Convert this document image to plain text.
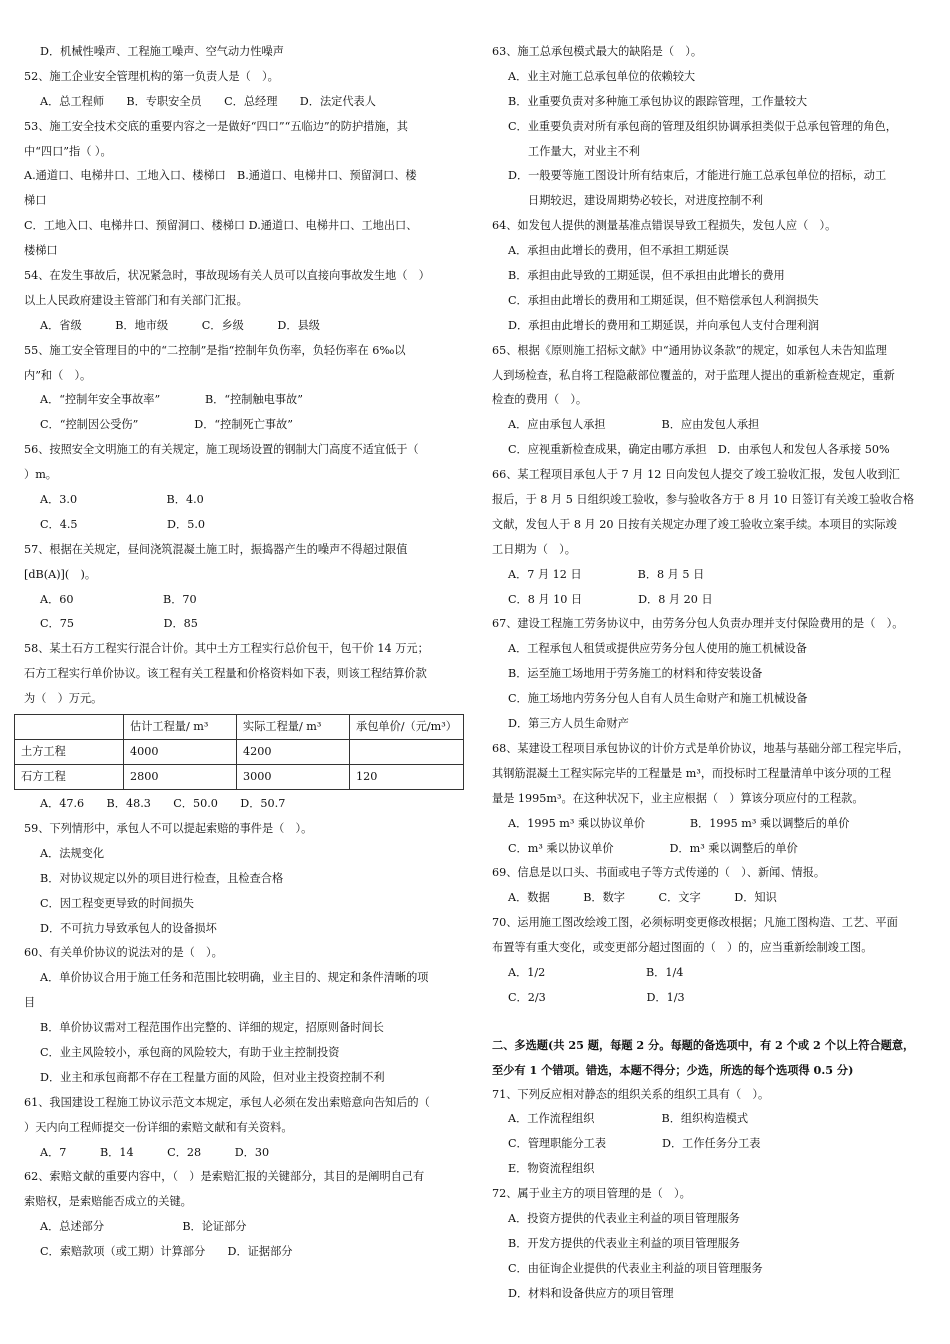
D．机械性噪声、工程施工噪声、空气动力性噪声
52、施工企业安全管理机构的第一负责人是（　）。
A．总工程师　　B．专职安全员　　C．总经理　　D．法定代表人
53、施工安全技术交底的重要内容之一是做好“四口”“五临边”的防护措施，其
中“四口”指（ ）。
A.通道口、电梯井口、工地入口、楼梯口　B.通道口、电梯井口、预留洞口、楼
梯口
C．工地入口、电梯井口、预留洞口、楼梯口 D.通道口、电梯井口、工地出口、
楼梯口
54、在发生事故后，状况紧急时，事故现场有关人员可以直接向事故发生地（　）
以上人民政府建设主管部门和有关部门汇报。
A．省级　　　B．地市级　　　C．乡级　　　D．县级
55、施工安全管理目的中的“二控制”是指“控制年负伤率，负轻伤率在 6‰以
内”和（　）。
A．“控制年安全事故率”　　　　B．“控制触电事故”
C．“控制因公受伤”　　　　　D．“控制死亡事故”
56、按照安全文明施工的有关规定，施工现场设置的钢制大门高度不适宜低于（
）m。
A．3.0　　　　　　　　B．4.0
C．4.5　　　　　　　　D．5.0
57、根据在关规定，昼间浇筑混凝土施工时，振捣器产生的噪声不得超过限值
[dB(A)](　)。
A．60　　　　　　　　B．70
C．75　　　　　　　　D．85
58、某土石方工程实行混合计价。其中土方工程实行总价包干，包干价 14 万元；
石方工程实行单价协议。该工程有关工程量和价格资料如下表，则该工程结算价款
为（　）万元。
	估计工程量/ m³	实际工程量/ m³	承包单价/（元/m³）
土方工程	4000	4200	
石方工程	2800	3000	120
A．47.6　　B．48.3　　C．50.0　　D．50.7
59、下列情形中，承包人不可以提起索赔的事件是（　）。
A．法规变化
B．对协议规定以外的项目进行检查，且检查合格
C．因工程变更导致的时间损失
D．不可抗力导致承包人的设备损坏
60、有关单价协议的说法对的是（　）。
A．单价协议合用于施工任务和范围比较明确，业主目的、规定和条件清晰的项
目
B．单价协议需对工程范围作出完整的、详细的规定，招原则备时间长
C．业主风险较小，承包商的风险较大，有助于业主控制投资
D．业主和承包商都不存在工程量方面的风险，但对业主投资控制不利
61、我国建设工程施工协议示范文本规定，承包人必须在发出索赔意向告知后的（
）天内向工程师提交一份详细的索赔文献和有关资料。
A．7　　　B．14　　　C．28　　　D．30
62、索赔文献的重要内容中，（　）是索赔汇报的关键部分，其目的是阐明自己有
索赔权，是索赔能否成立的关键。
A．总述部分　　　　　　　B．论证部分
C．索赔款项（或工期）计算部分　　D．证据部分
63、施工总承包模式最大的缺陷是（　）。
A．业主对施工总承包单位的依赖较大
B．业重要负责对多种施工承包协议的跟踪管理，工作量较大
C．业重要负责对所有承包商的管理及组织协调承担类似于总承包管理的角色，
工作量大，对业主不利
D．一般要等施工图设计所有结束后，才能进行施工总承包单位的招标，动工
日期较迟，建设周期势必较长，对进度控制不利
64、如发包人提供的测量基准点错误导致工程损失，发包人应（　）。
A．承担由此增长的费用，但不承担工期延误
B．承担由此导致的工期延误，但不承担由此增长的费用
C．承担由此增长的费用和工期延误，但不赔偿承包人利润损失
D．承担由此增长的费用和工期延误，并向承包人支付合理利润
65、根据《原则施工招标文献》中“通用协议条款”的规定，如承包人未告知监理
人到场检查，私自将工程隐蔽部位覆盖的，对于监理人提出的重新检查规定，重新
检查的费用（　）。
A．应由承包人承担　　　　　B．应由发包人承担
C．应视重新检查成果，确定由哪方承担　D．由承包人和发包人各承接 50%
66、某工程项目承包人于 7 月 12 日向发包人提交了竣工验收汇报，发包人收到汇
报后，于 8 月 5 日组织竣工验收，参与验收各方于 8 月 10 日签订有关竣工验收合格
文献，发包人于 8 月 20 日按有关规定办理了竣工验收立案手续。本项目的实际竣
工日期为（　）。
A．7 月 12 日　　　　　B．8 月 5 日
C．8 月 10 日　　　　　D．8 月 20 日
67、建设工程施工劳务协议中，由劳务分包人负责办理并支付保险费用的是（　）。
A．工程承包人租赁或提供应劳务分包人使用的施工机械设备
B．运至施工场地用于劳务施工的材料和待安装设备
C．施工场地内劳务分包人自有人员生命财产和施工机械设备
D．第三方人员生命财产
68、某建设工程项目承包协议的计价方式是单价协议，地基与基础分部工程完毕后，
其钢筋混凝土工程实际完毕的工程量是 m³，而投标时工程量清单中该分项的工程
量是 1995m³。在这种状况下，业主应根据（　）算该分项应付的工程款。
A．1995 m³ 乘以协议单价　　　　B．1995 m³ 乘以调整后的单价
C．m³ 乘以协议单价　　　　　D．m³ 乘以调整后的单价
69、信息是以口头、书面或电子等方式传递的（　）、新闻、情报。
A．数据　　　B．数字　　　C．文字　　　D．知识
70、运用施工图改绘竣工图，必须标明变更修改根据；凡施工图构造、工艺、平面
布置等有重大变化，或变更部分超过图面的（　）的，应当重新绘制竣工图。
A．1/2　　　　　　　　　B．1/4
C．2/3　　　　　　　　　D．1/3
二、多选题(共 25 题，每题 2 分。每题的备选项中，有 2 个或 2 个以上符合题意，
至少有 1 个错项。错选，本题不得分；少选，所选的每个选项得 0.5 分)
71、下列反应相对静态的组织关系的组织工具有（　）。
A．工作流程组织　　　　　　B．组织构造模式
C．管理职能分工表　　　　　D．工作任务分工表
E．物资流程组织
72、属于业主方的项目管理的是（　）。
A．投资方提供的代表业主利益的项目管理服务
B．开发方提供的代表业主利益的项目管理服务
C．由征询企业提供的代表业主利益的项目管理服务
D．材料和设备供应方的项目管理
